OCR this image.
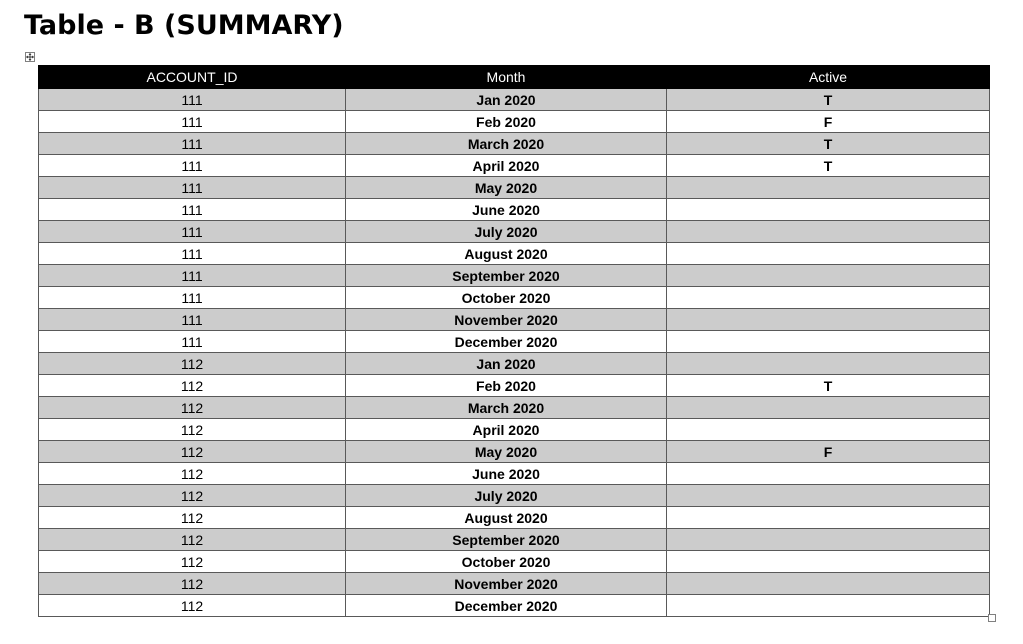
Table - B (SUMMARY)
ACCOUNT_ID	Month	Active
111	Jan 2020	T
111	Feb 2020	F
111	March 2020	T
111	April 2020	T
111	May 2020	
111	June 2020	
111	July 2020	
111	August 2020	
111	September 2020	
111	October 2020	
111	November 2020	
111	December 2020	
112	Jan 2020	
112	Feb 2020	T
112	March 2020	
112	April 2020	
112	May 2020	F
112	June 2020	
112	July 2020	
112	August 2020	
112	September 2020	
112	October 2020	
112	November 2020	
112	December 2020	
